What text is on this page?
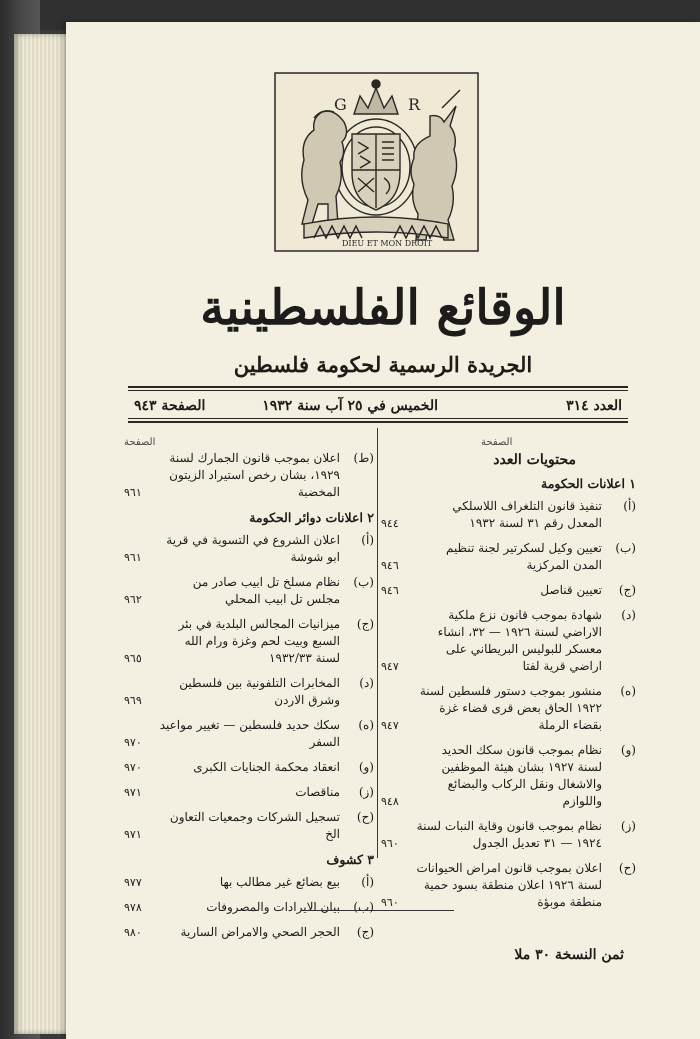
G	R
DIEU ET MON DROIT
الوقائع الفلسطينية
الجريدة الرسمية لحكومة فلسطين
العدد ٣١٤
الخميس في ٢٥ آب سنة ١٩٣٢
الصفحة ٩٤٣
الصفحة
محتويات العدد
١ اعلانات الحكومة
(أ)
تنفيذ قانون التلغراف اللاسلكي المعدل رقم ٣١ لسنة ١٩٣٢
٩٤٤
(ب)
تعيين وكيل لسكرتير لجنة تنظيم المدن المركزية
٩٤٦
(ج)
تعيين قناصل
٩٤٦
(د)
شهادة بموجب قانون نزع ملكية الاراضي لسنة ١٩٢٦ — ٣٢، انشاء معسكر للبوليس البريطاني على اراضي قرية لفتا
٩٤٧
(ه)
منشور بموجب دستور فلسطين لسنة ١٩٢٢ الحاق بعض قرى قضاء غزة بقضاء الرملة
٩٤٧
(و)
نظام بموجب قانون سكك الحديد لسنة ١٩٢٧ بشان هيئة الموظفين والاشغال ونقل الركاب والبضائع واللوازم
٩٤٨
(ز)
نظام بموجب قانون وقاية النبات لسنة ١٩٢٤ — ٣١ تعديل الجدول
٩٦٠
(ح)
اعلان بموجب قانون امراض الحيوانات لسنة ١٩٢٦ اعلان منطقة بسود حمية منطقة موبؤة
٩٦٠
الصفحة
(ط)
اعلان بموجب قانون الجمارك لسنة ١٩٢٩، بشان رخص استيراد الزيتون المخضبة
٩٦١
٢ اعلانات دوائر الحكومة
(أ)
اعلان الشروع في التسوية في قرية ابو شوشة
٩٦١
(ب)
نظام مسلخ تل ابيب صادر من مجلس تل ابيب المحلي
٩٦٢
(ج)
ميزانيات المجالس البلدية في بئر السبع وبيت لحم وغزة ورام الله لسنة ١٩٣٢/٣٣
٩٦٥
(د)
المخابرات التلفونية بين فلسطين وشرق الاردن
٩٦٩
(ه)
سكك حديد فلسطين — تغيير مواعيد السفر
٩٧٠
(و)
انعقاد محكمة الجنايات الكبرى
٩٧٠
(ز)
مناقصات
٩٧١
(ح)
تسجيل الشركات وجمعيات التعاون الخ
٩٧١
٣ كشوف
(أ)
بيع بضائع غير مطالب بها
٩٧٧
(ب)
بيان الايرادات والمصروفات
٩٧٨
(ج)
الحجر الصحي والامراض السارية
٩٨٠
ثمن النسخة ٣٠ ملا
